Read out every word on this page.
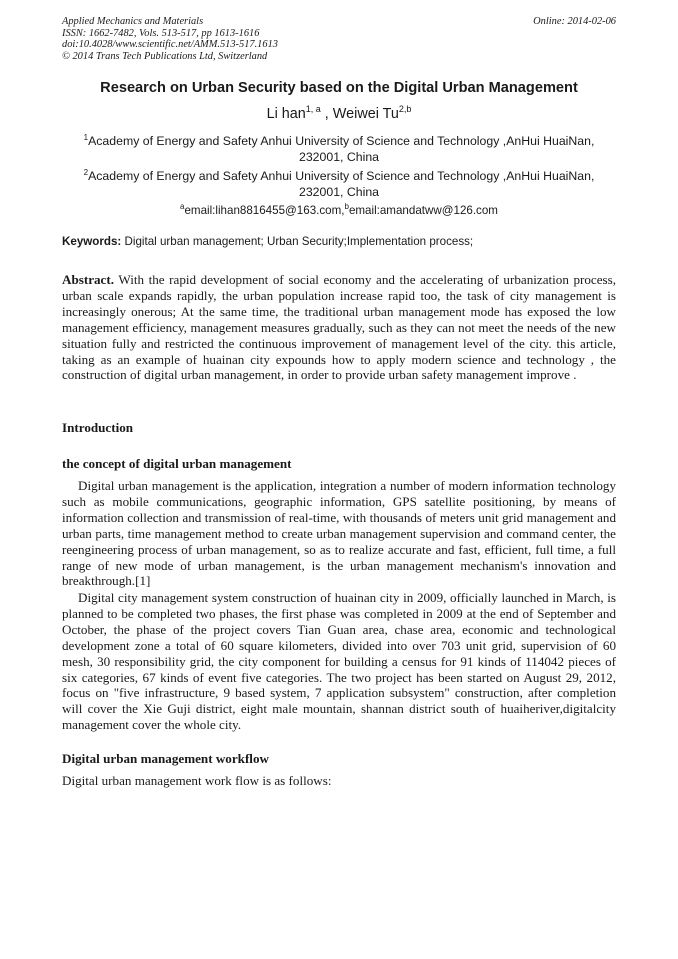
Applied Mechanics and Materials
ISSN: 1662-7482, Vols. 513-517, pp 1613-1616
doi:10.4028/www.scientific.net/AMM.513-517.1613
© 2014 Trans Tech Publications Ltd, Switzerland
Online: 2014-02-06
Research on Urban Security based on the Digital Urban Management
Li han$^{1, a}$ , Weiwei Tu$^{2,b}$
$^1$Academy of Energy and Safety Anhui University of Science and Technology ,AnHui HuaiNan,
232001, China
$^2$Academy of Energy and Safety Anhui University of Science and Technology ,AnHui HuaiNan,
232001, China
$^a$email:lihan8816455@163.com,$^b$email:amandatww@126.com
Keywords: Digital urban management; Urban Security;Implementation process;
Abstract. With the rapid development of social economy and the accelerating of urbanization process, urban scale expands rapidly, the urban population increase rapid too, the task of city management is increasingly onerous; At the same time, the traditional urban management mode has exposed the low management efficiency, management measures gradually, such as they can not meet the needs of the new situation fully and restricted the continuous improvement of management level of the city. this article, taking as an example of huainan city expounds how to apply modern science and technology , the construction of digital urban management, in order to provide urban safety management improve .
Introduction
the concept of digital urban management
Digital urban management is the application, integration a number of modern information technology such as mobile communications, geographic information, GPS satellite positioning, by means of information collection and transmission of real-time, with thousands of meters unit grid management and urban parts, time management method to create urban management supervision and command center, the reengineering process of urban management, so as to realize accurate and fast, efficient, full time, a full range of new mode of urban management, is the urban management mechanism's innovation and breakthrough.[1]
Digital city management system construction of huainan city in 2009, officially launched in March, is planned to be completed two phases, the first phase was completed in 2009 at the end of September and October, the phase of the project covers Tian Guan area, chase area, economic and technological development zone a total of 60 square kilometers, divided into over 703 unit grid, supervision of 60 mesh, 30 responsibility grid, the city component for building a census for 91 kinds of 114042 pieces of six categories, 67 kinds of event five categories. The two project has been started on August 29, 2012, focus on "five infrastructure, 9 based system, 7 application subsystem" construction, after completion will cover the Xie Guji district, eight male mountain, shannan district south of huaiheriver,digitalcity management cover the whole city.
Digital urban management workflow
Digital urban management work flow is as follows:
